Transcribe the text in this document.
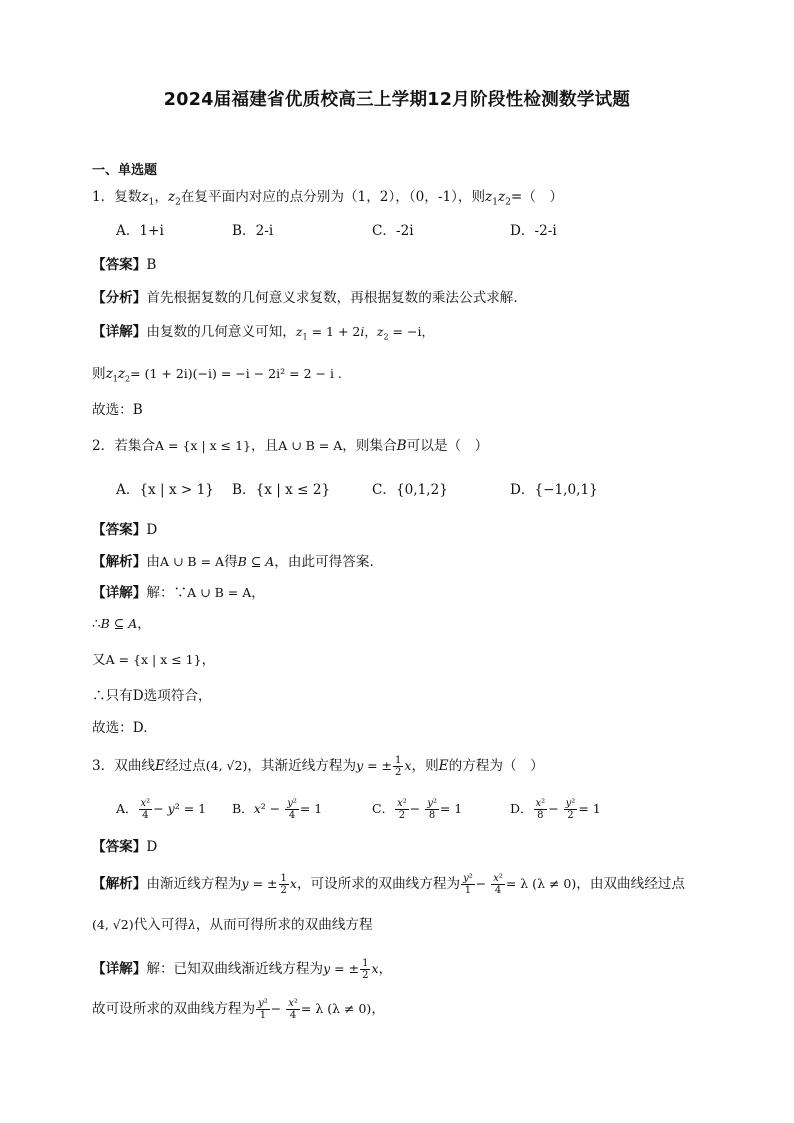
2024届福建省优质校高三上学期12月阶段性检测数学试题
一、单选题
1．复数$z_1$，$z_2$在复平面内对应的点分别为（1，2），（0，-1），则$z_1z_2=$（　）
A．1+i	B．2-i	C．-2i	D．-2-i
【答案】B
【分析】首先根据复数的几何意义求复数，再根据复数的乘法公式求解.
【详解】由复数的几何意义可知，$z_1 = 1 + 2i$，$z_2 = -i$，
则$z_1z_2= (1 + 2i)(-i) = -i - 2i^2 = 2 - i$ .
故选：B
2．若集合A = {x | x ≤ 1}，且A ∪ B = A，则集合B可以是（　）
A．{x | x > 1} B．{x | x ≤ 2}	C．{0,1,2}	D．{−1,0,1}
【答案】D
【解析】由A ∪ B = A得B ⊆ A，由此可得答案.
【详解】解：∵A ∪ B = A，
∴B ⊆ A，
又A = {x | x ≤ 1}，
∴只有D选项符合，
故选：D.
3．双曲线E经过点(4, √2)，其渐近线方程为y = ± $\frac{1}{2}$ x，则E的方程为（　）
A． $\frac{\text{x²}}{4} - y^2 = 1$ B．$x^2 - \frac{\text{y²}}{4} = 1$	C． $\frac{\text{x²}}{2} - \frac{\text{y²}}{8} = 1$	D． $\frac{\text{x²}}{8} - \frac{\text{y²}}{2} = 1$
【答案】D
【解析】由渐近线方程为y = ± $\frac{1}{2}$ x，可设所求的双曲线方程为 $\frac{\text{y²}}{1} - \frac{\text{x²}}{4} = \lambda$ (λ ≠ 0)，由双曲线经过点
(4, √2)代入可得λ，从而可得所求的双曲线方程
【详解】解：已知双曲线渐近线方程为y = ± $\frac{1}{2}$ x，
故可设所求的双曲线方程为 $\frac{\text{y²}}{1} - \frac{\text{x²}}{4} = \lambda$ (λ ≠ 0)，
